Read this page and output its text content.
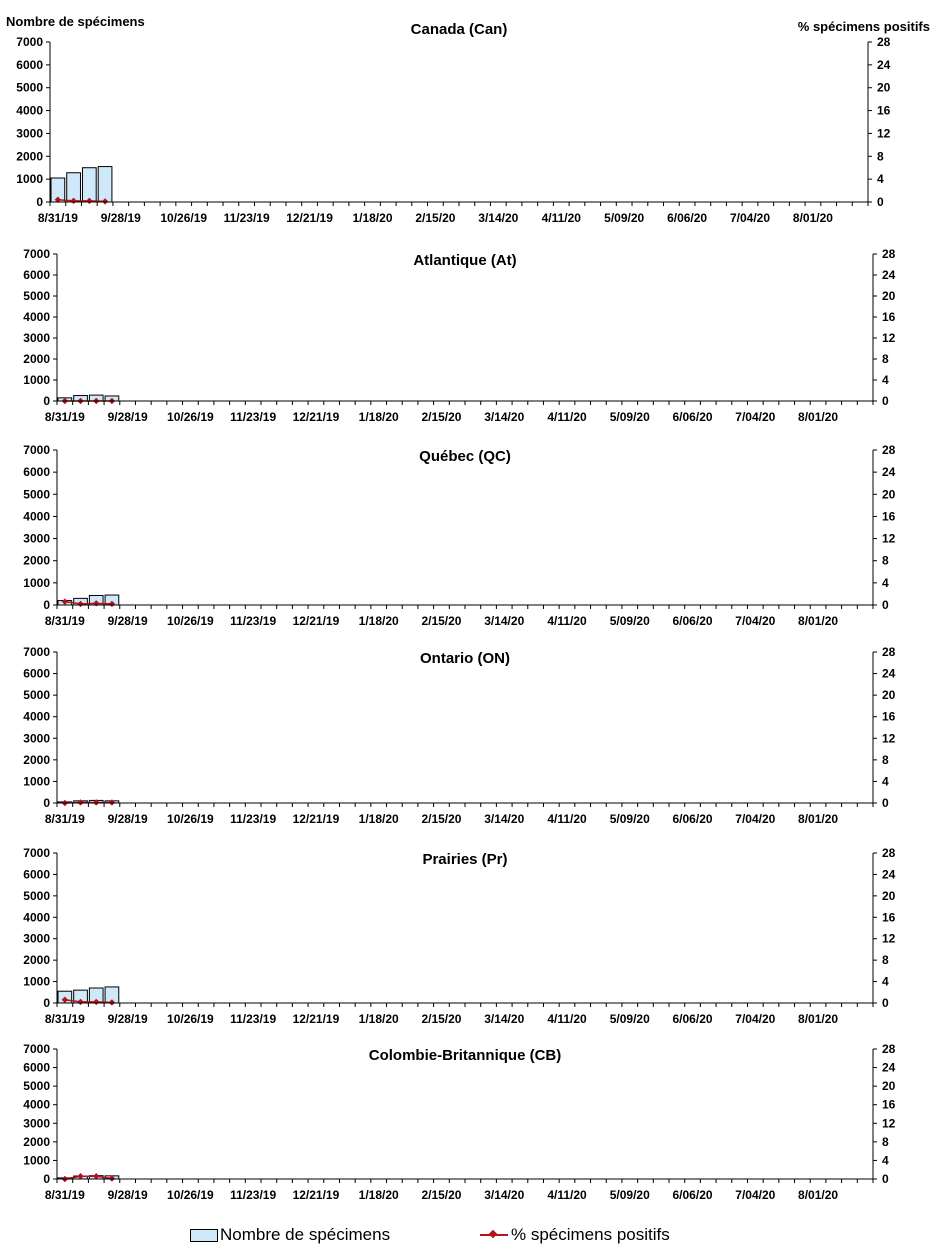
Nombre de spécimens	% spécimens positifs
Canada (Can)
0
1000
2000
3000
4000
5000
6000
7000
0
4
8
12
16
20
24
28
8/31/19 9/28/19 10/26/19 11/23/19 12/21/19 1/18/20 2/15/20 3/14/20 4/11/20 5/09/20 6/06/20 7/04/20 8/01/20
Atlantique (At)
0
1000
2000
3000
4000
5000
6000
7000
0
4
8
12
16
20
24
28
8/31/19 9/28/19 10/26/19 11/23/19 12/21/19 1/18/20 2/15/20 3/14/20 4/11/20 5/09/20 6/06/20 7/04/20 8/01/20
Québec (QC)
0
1000
2000
3000
4000
5000
6000
7000
0
4
8
12
16
20
24
28
8/31/19 9/28/19 10/26/19 11/23/19 12/21/19 1/18/20 2/15/20 3/14/20 4/11/20 5/09/20 6/06/20 7/04/20 8/01/20
Ontario (ON)
0
1000
2000
3000
4000
5000
6000
7000
0
4
8
12
16
20
24
28
8/31/19 9/28/19 10/26/19 11/23/19 12/21/19 1/18/20 2/15/20 3/14/20 4/11/20 5/09/20 6/06/20 7/04/20 8/01/20
Prairies (Pr)
0
1000
2000
3000
4000
5000
6000
7000
0
4
8
12
16
20
24
28
8/31/19 9/28/19 10/26/19 11/23/19 12/21/19 1/18/20 2/15/20 3/14/20 4/11/20 5/09/20 6/06/20 7/04/20 8/01/20
Colombie-Britannique (CB)
0
1000
2000
3000
4000
5000
6000
7000
0
4
8
12
16
20
24
28
8/31/19 9/28/19 10/26/19 11/23/19 12/21/19 1/18/20 2/15/20 3/14/20 4/11/20 5/09/20 6/06/20 7/04/20 8/01/20
Nombre de spécimens	% spécimens positifs
